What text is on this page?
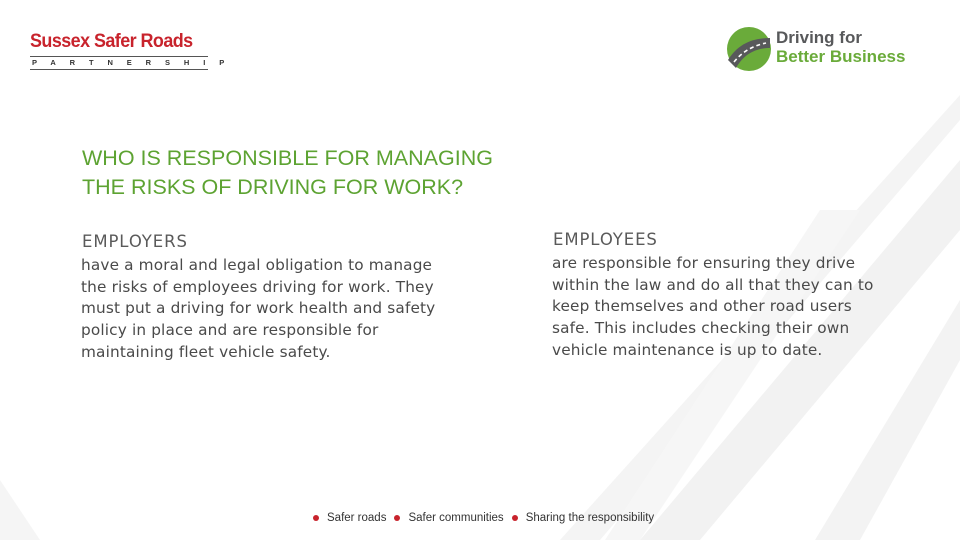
Sussex Safer Roads
PARTNERSHIP
Driving for
Better Business
WHO IS RESPONSIBLE FOR MANAGING
THE RISKS OF DRIVING FOR WORK?
EMPLOYERS

have a moral and legal obligation to manage the risks of employees driving for work. They must put a driving for work health and safety policy in place and are responsible for maintaining fleet vehicle safety.

EMPLOYEES

are responsible for ensuring they drive within the law and do all that they can to keep themselves and other road users safe. This includes checking their own vehicle maintenance is up to date.

Safer roads Safer communities Sharing the responsibility
